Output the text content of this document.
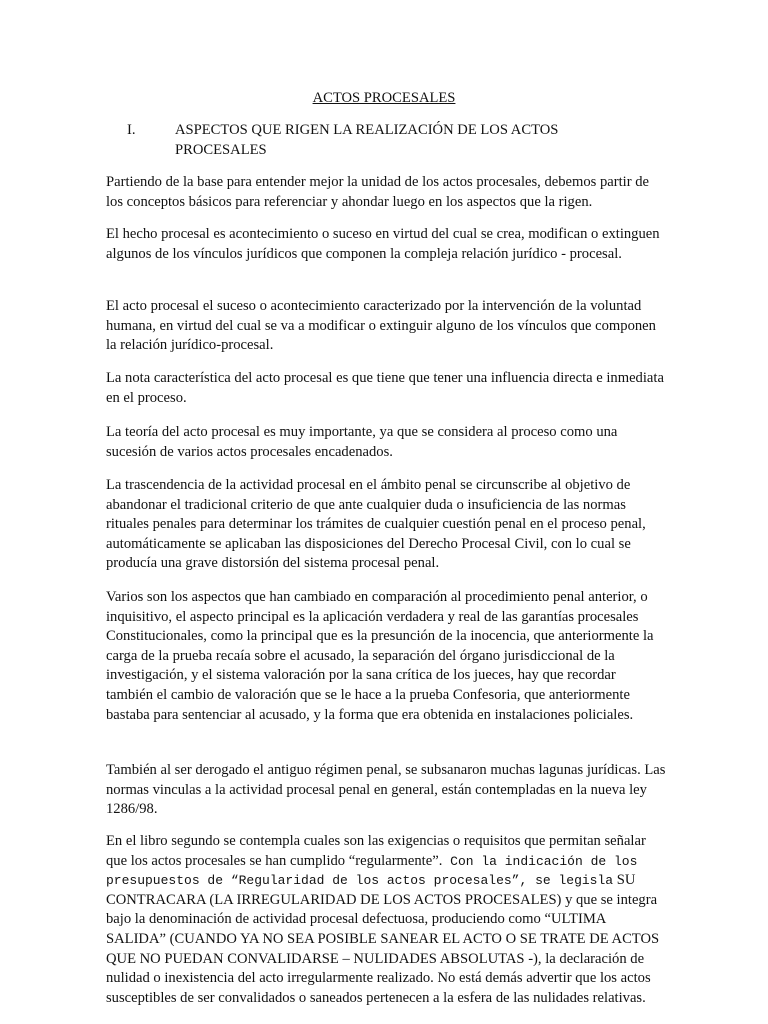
ACTOS PROCESALES

I.	ASPECTOS QUE RIGEN LA REALIZACIÓN DE LOS ACTOS PROCESALES

Partiendo de la base para entender mejor la unidad de los actos procesales, debemos partir de los conceptos básicos para referenciar y ahondar luego en los aspectos que la rigen.

El hecho procesal es acontecimiento o suceso en virtud del cual se crea, modifican o extinguen algunos de los vínculos jurídicos que componen la compleja relación jurídico - procesal.

El acto procesal el suceso o acontecimiento caracterizado por la intervención de la voluntad humana, en virtud del cual se va a modificar o extinguir alguno de los vínculos que componen la relación jurídico-procesal.

La nota característica del acto procesal es que tiene que tener una influencia directa e inmediata en el proceso.

La teoría del acto procesal es muy importante, ya que se considera al proceso como una sucesión de varios actos procesales encadenados.

La trascendencia de la actividad procesal en el ámbito penal se circunscribe al objetivo de abandonar el tradicional criterio de que ante cualquier duda o insuficiencia de las normas rituales penales para determinar los trámites de cualquier cuestión penal en el proceso penal, automáticamente se aplicaban las disposiciones del Derecho Procesal Civil, con lo cual se producía una grave distorsión del sistema procesal penal.

Varios son los aspectos que han cambiado en comparación al procedimiento penal anterior, o inquisitivo, el aspecto principal es la aplicación verdadera y real de las garantías procesales Constitucionales, como la principal que es la presunción de la inocencia, que anteriormente la carga de la prueba recaía sobre el acusado, la separación del órgano jurisdiccional de la investigación, y el sistema valoración por la sana crítica de los jueces, hay que recordar también el cambio de valoración que se le hace a la prueba Confesoria, que anteriormente bastaba para sentenciar al acusado, y la forma que era obtenida en instalaciones policiales.

También al ser derogado el antiguo régimen penal, se subsanaron muchas lagunas jurídicas. Las normas vinculas a la actividad procesal penal en general, están contempladas en la nueva ley 1286/98.

En el libro segundo se contempla cuales son las exigencias o requisitos que permitan señalar que los actos procesales se han cumplido “regularmente”. Con la indicación de los presupuestos de “Regularidad de los actos procesales”, se legisla SU CONTRACARA (LA IRREGULARIDAD DE LOS ACTOS PROCESALES) y que se integra bajo la denominación de actividad procesal defectuosa, produciendo como “ULTIMA SALIDA” (CUANDO YA NO SEA POSIBLE SANEAR EL ACTO O SE TRATE DE ACTOS QUE NO PUEDAN CONVALIDARSE – NULIDADES ABSOLUTAS -), la declaración de nulidad o inexistencia del acto irregularmente realizado. No está demás advertir que los actos susceptibles de ser convalidados o saneados pertenecen a la esfera de las nulidades relativas.
